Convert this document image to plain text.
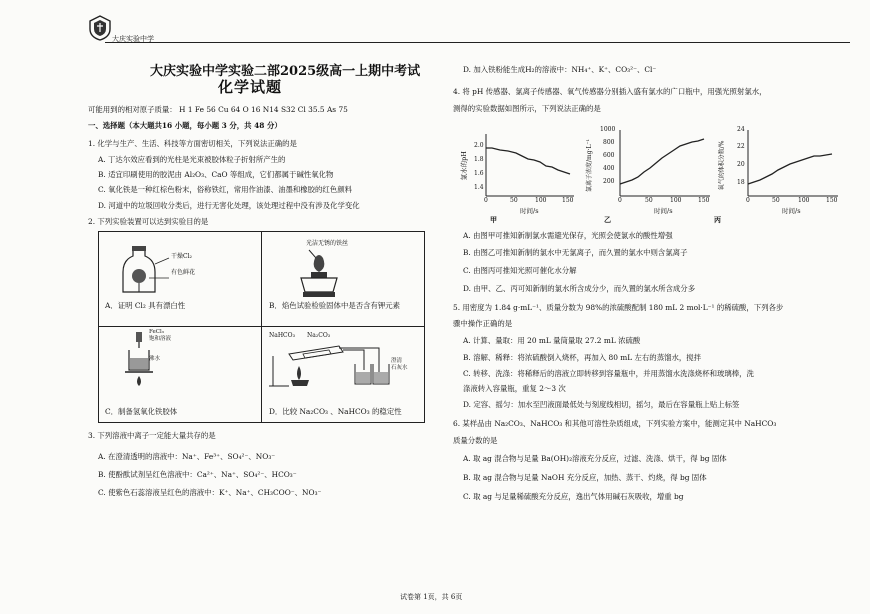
大庆实验中学
大庆实验中学实验二部2025级高一上期中考试
化学试题
可能用到的相对原子质量： H 1 Fe 56 Cu 64 O 16 N14 S32 Cl 35.5 As 75
一、选择题（本大题共16 小题，每小题 3 分，共 48 分）
1. 化学与生产、生活、科技等方面密切相关，下列说法正确的是
A. 丁达尔效应看到的光柱是光束被胶体粒子折射所产生的
B. 适宜印刷使用的胶泥由 Al₂O₃、CaO 等组成，它们都属于碱性氧化物
C. 氧化铁是一种红棕色粉末，俗称铁红，常用作油漆、油墨和橡胶的红色颜料
D. 河道中的垃圾回收分类后，进行无害化处理，该处理过程中没有涉及化学变化
2. 下列实验装置可以达到实验目的是
干燥Cl₂
有色鲜花
光洁无锈的铁丝
A．证明 Cl₂ 具有漂白性	B．焰色试验检验固体中是否含有钾元素
FeCl₃
饱和溶液
沸水
NaHCO₃ Na₂CO₃
澄清
石灰水
C．制备氢氧化铁胶体	D．比较 Na₂CO₃ 、NaHCO₃ 的稳定性
3. 下列溶液中离子一定能大量共存的是
A. 在澄清透明的溶液中：Na⁺、Fe³⁺、SO₄²⁻、NO₃⁻
B. 使酚酞试剂呈红色溶液中：Ca²⁺、Na⁺、SO₄²⁻、HCO₃⁻
C. 使紫色石蕊溶液呈红色的溶液中：K⁺、Na⁺、CH₃COO⁻、NO₃⁻
D. 加入铁粉能生成H₂的溶液中：NH₄⁺、K⁺、CO₃²⁻、Cl⁻
4. 将 pH 传感器、氯离子传感器、氧气传感器分别插入盛有氯水的广口瓶中，用强光照射氯水，
测得的实验数据如图所示，下列说法正确的是
2.0
1.8
1.6
1.4
0	50	100	150
氯水的pH
时间/s
甲
1000
800
600
400
200
0	50	100	150
氯离子浓度/mg·L⁻¹
时间/s
乙
24
22
20
18
0	50	100	150
氧气的体积分数/%
时间/s
丙
A. 由图甲可推知新制氯水需避光保存，光照会使氯水的酸性增强
B. 由图乙可推知新制的氯水中无氯离子，而久置的氯水中则含氯离子
C. 由图丙可推知光照可催化水分解
D. 由甲、乙、丙可知新制的氯水所含成分少，而久置的氯水所含成分多
5. 用密度为 1.84 g·mL⁻¹、质量分数为 98%的浓硫酸配制 180 mL 2 mol·L⁻¹ 的稀硫酸，下列各步
骤中操作正确的是
A. 计算、量取：用 20 mL 量筒量取 27.2 mL 浓硫酸
B. 溶解、稀释：将浓硫酸倒入烧杯，再加入 80 mL 左右的蒸馏水，搅拌
C. 转移、洗涤：将稀释后的溶液立即转移到容量瓶中，并用蒸馏水洗涤烧杯和玻璃棒，洗
涤液转入容量瓶，重复 2～3 次
D. 定容、摇匀：加水至凹液面最低处与刻度线相切，摇匀，最后在容量瓶上贴上标签
6. 某样品由 Na₂CO₃、NaHCO₃ 和其他可溶性杂质组成，下列实验方案中，能测定其中 NaHCO₃
质量分数的是
A. 取 ag 混合物与足量 Ba(OH)₂溶液充分反应，过滤、洗涤、烘干，得 bg 固体
B. 取 ag 混合物与足量 NaOH 充分反应，加热、蒸干、灼烧，得 bg 固体
C. 取 ag 与足量稀硫酸充分反应，逸出气体用碱石灰吸收，增重 bg
试卷第 1页，共 6页
